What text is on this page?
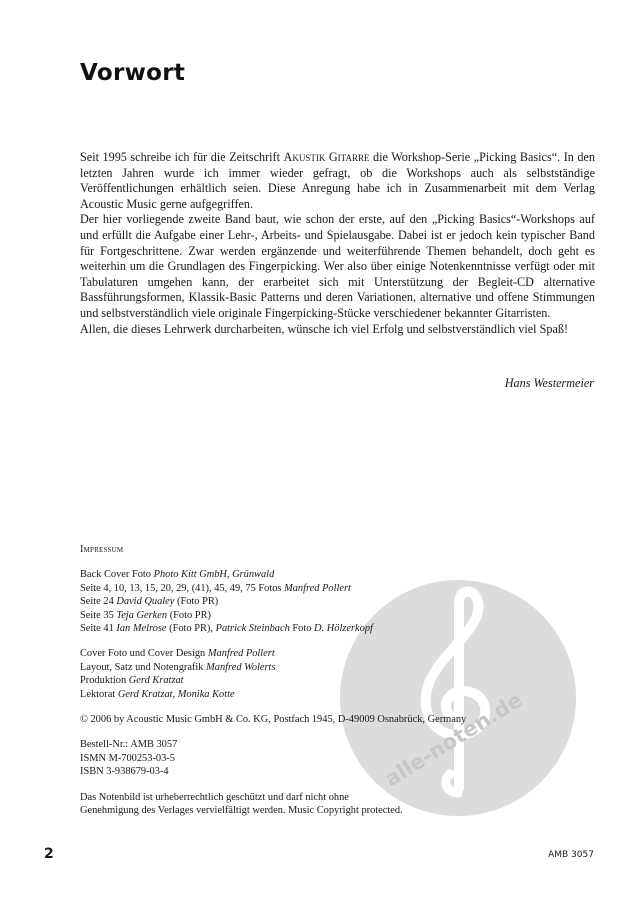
Vorwort

Seit 1995 schreibe ich für die Zeitschrift Akustik Gitarre die Workshop-Serie „Picking Basics“. In den letzten Jahren wurde ich immer wieder gefragt, ob die Workshops auch als selbstständige Veröffentlichungen erhältlich seien. Diese Anregung habe ich in Zusammenarbeit mit dem Verlag Acoustic Music gerne aufgegriffen.

Der hier vorliegende zweite Band baut, wie schon der erste, auf den „Picking Basics“-Workshops auf und erfüllt die Aufgabe einer Lehr-, Arbeits- und Spielausgabe. Dabei ist er jedoch kein typischer Band für Fortgeschrittene. Zwar werden ergänzende und weiterführende Themen behandelt, doch geht es weiterhin um die Grundlagen des Fingerpicking. Wer also über einige Notenkenntnisse verfügt oder mit Tabulaturen umgehen kann, der erarbeitet sich mit Unterstützung der Begleit-CD alternative Bassführungsformen, Klassik-Basic Patterns und deren Variationen, alternative und offene Stimmungen und selbstverständlich viele originale Fingerpicking-Stücke verschiedener bekannter Gitarristen.

Allen, die dieses Lehrwerk durcharbeiten, wünsche ich viel Erfolg und selbstverständlich viel Spaß!

Hans Westermeier
alle-noten.de
Impressum
Back Cover Foto Photo Kitt GmbH, Grünwald
Seite 4, 10, 13, 15, 20, 29, (41), 45, 49, 75 Fotos Manfred Pollert
Seite 24 David Qualey (Foto PR)
Seite 35 Teja Gerken (Foto PR)
Seite 41 Ian Melrose (Foto PR), Patrick Steinbach Foto D. Hölzerkopf
Cover Foto und Cover Design Manfred Pollert
Layout, Satz und Notengrafik Manfred Wolerts
Produktion Gerd Kratzat
Lektorat Gerd Kratzat, Monika Kotte
© 2006 by Acoustic Music GmbH & Co. KG, Postfach 1945, D-49009 Osnabrück, Germany
Bestell-Nr.: AMB 3057
ISMN M-700253-03-5
ISBN 3-938679-03-4
Das Notenbild ist urheberrechtlich geschützt und darf nicht ohne
Genehmigung des Verlages vervielfältigt werden. Music Copyright protected.
2	AMB 3057
